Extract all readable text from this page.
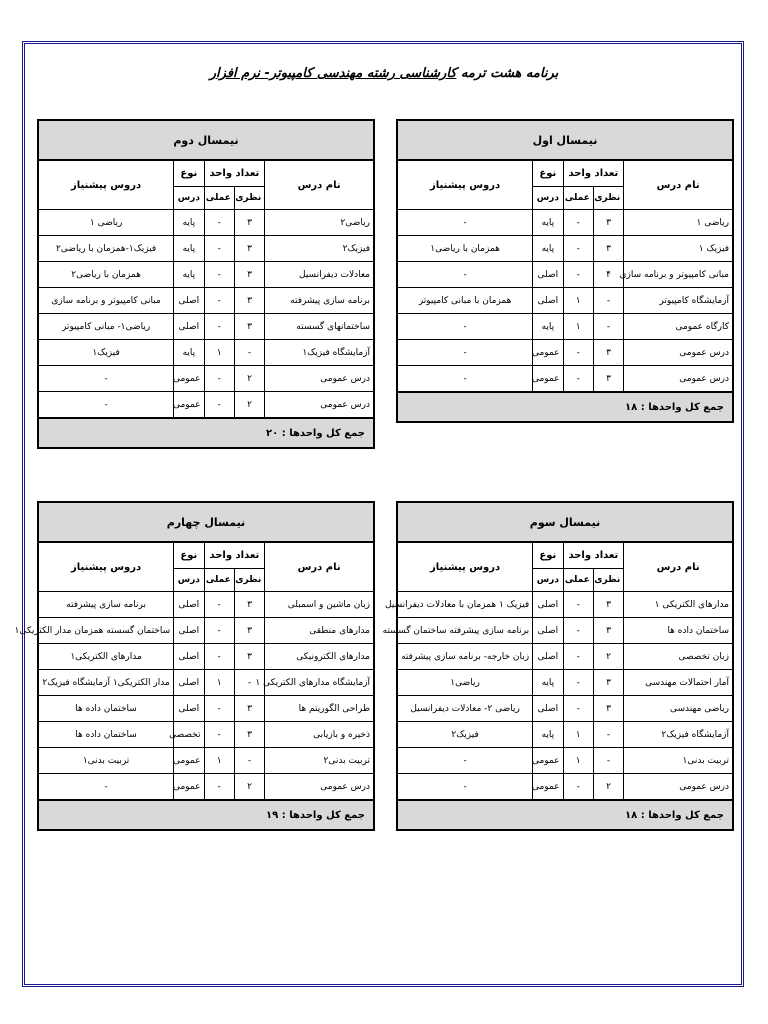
برنامه هشت ترمه کارشناسی رشته مهندسی کامپیوتر- نرم افزار
نیمسال اول				
نام درس	تعداد واحد		نوع	دروس پیشنیاز
	نظری	عملی	درس	
ریاضی ۱	۳	-	پایه	-
فیزیک ۱	۳	-	پایه	همزمان با ریاضی۱
مبانی کامپیوتر و برنامه سازی	۴	-	اصلی	-
آزمایشگاه کامپیوتر	-	۱	اصلی	همزمان با مبانی کامپیوتر
کارگاه عمومی	-	۱	پایه	-
درس عمومی	۳	-	عمومی	-
درس عمومی	۳	-	عمومی	-
جمع کل واحدها : ۱۸				
نیمسال دوم				
نام درس	تعداد واحد		نوع	دروس پیشنیاز
	نظری	عملی	درس	
ریاضی۲	۳	-	پایه	ریاضی ۱
فیزیک۲	۳	-	پایه	فیزیک۱-همزمان با ریاضی۲
معادلات دیفرانسیل	۳	-	پایه	همزمان با ریاضی۲
برنامه سازی پیشرفته	۳	-	اصلی	مبانی کامپیوتر و برنامه سازی
ساختمانهای گسسته	۳	-	اصلی	ریاضی۱- مبانی کامپیوتر
آزمایشگاه فیزیک۱	-	۱	پایه	فیزیک۱
درس عمومی	۲	-	عمومی	-
درس عمومی	۲	-	عمومی	-
جمع کل واحدها : ۲۰				
نیمسال سوم				
نام درس	تعداد واحد		نوع	دروس پیشنیاز
	نظری	عملی	درس	
مدارهای الکتریکی ۱	۳	-	اصلی	فیزیک ۱ همزمان با معادلات دیفرانسیل
ساختمان داده ها	۳	-	اصلی	برنامه سازی پیشرفته ساختمان گسسته
زبان تخصصی	۲	-	اصلی	زبان خارجه- برنامه سازی پیشرفته
آمار احتمالات مهندسی	۳	-	پایه	ریاضی۱
ریاضی مهندسی	۳	-	اصلی	ریاضی ۲- معادلات دیفرانسیل
آزمایشگاه فیزیک۲	-	۱	پایه	فیزیک۲
تربیت بدنی۱	-	۱	عمومی	-
درس عمومی	۲	-	عمومی	-
جمع کل واحدها : ۱۸				
نیمسال چهارم				
نام درس	تعداد واحد		نوع	دروس پیشنیاز
	نظری	عملی	درس	
زبان ماشین و اسمبلی	۳	-	اصلی	برنامه سازی پیشرفته
مدارهای منطقی	۳	-	اصلی	ساختمان گسسته همزمان مدار الکتریکی۱
مدارهای الکترونیکی	۳	-	اصلی	مدارهای الکتریکی۱
آزمایشگاه مدارهای الکتریکی ۱	-	۱	اصلی	مدار الکتریکی۱ آزمایشگاه فیزیک۲
طراحی الگوریتم ها	۳	-	اصلی	ساختمان داده ها
ذخیره و بازیابی	۳	-	تخصصی	ساختمان داده ها
تربیت بدنی۲	-	۱	عمومی	تربیت بدنی۱
درس عمومی	۲	-	عمومی	-
جمع کل واحدها : ۱۹				
